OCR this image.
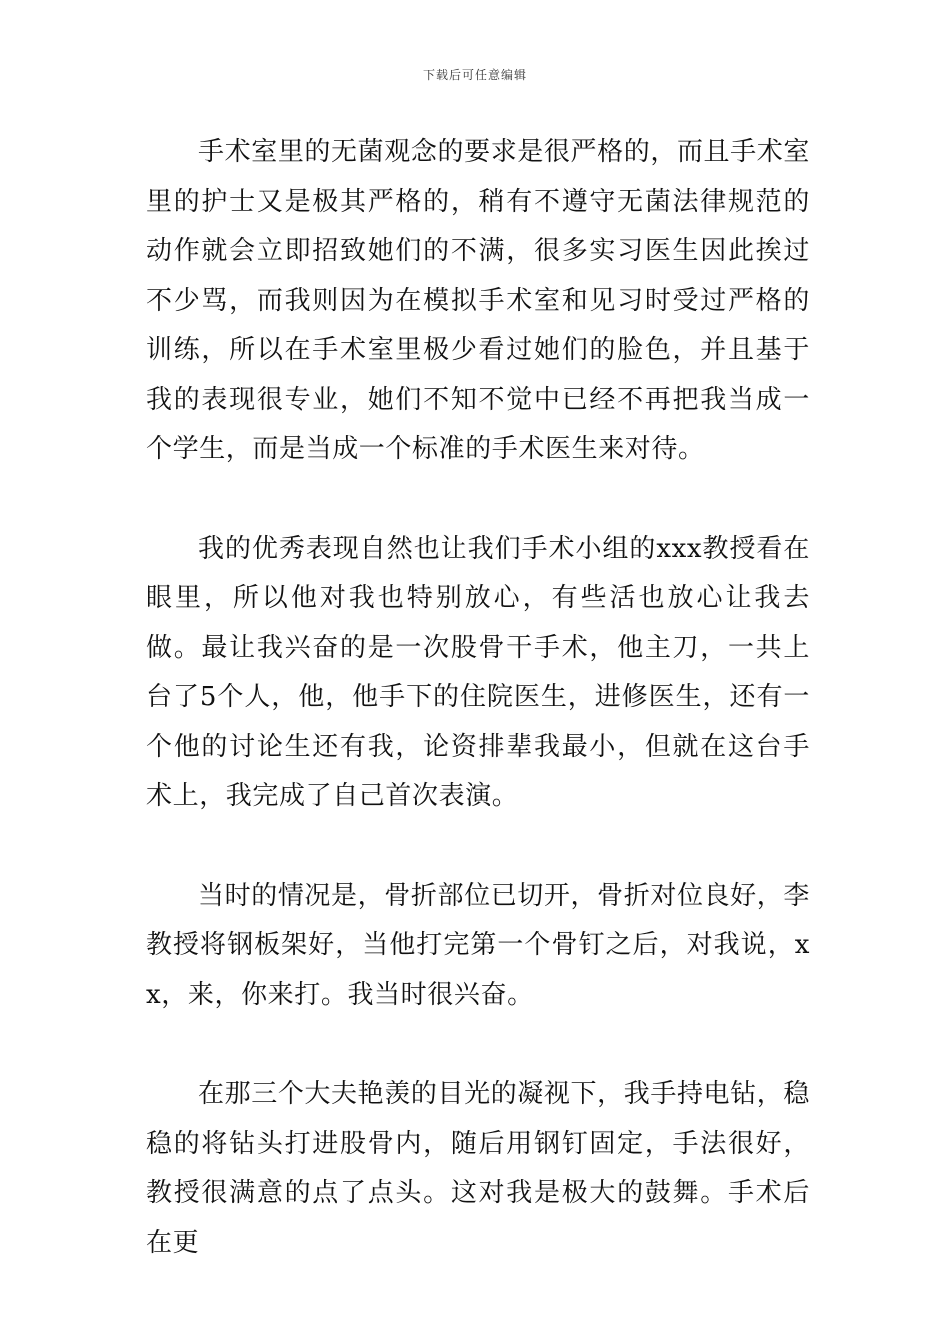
下载后可任意编辑

手术室里的无菌观念的要求是很严格的，而且手术室里的护士又是极其严格的，稍有不遵守无菌法律规范的动作就会立即招致她们的不满，很多实习医生因此挨过不少骂，而我则因为在模拟手术室和见习时受过严格的训练，所以在手术室里极少看过她们的脸色，并且基于我的表现很专业，她们不知不觉中已经不再把我当成一个学生，而是当成一个标准的手术医生来对待。

我的优秀表现自然也让我们手术小组的xxx教授看在眼里，所以他对我也特别放心，有些活也放心让我去做。最让我兴奋的是一次股骨干手术，他主刀，一共上台了5个人，他，他手下的住院医生，进修医生，还有一个他的讨论生还有我，论资排辈我最小，但就在这台手术上，我完成了自己首次表演。

当时的情况是，骨折部位已切开，骨折对位良好，李教授将钢板架好，当他打完第一个骨钉之后，对我说，xx，来，你来打。我当时很兴奋。

在那三个大夫艳羡的目光的凝视下，我手持电钻，稳稳的将钻头打进股骨内，随后用钢钉固定，手法很好，教授很满意的点了点头。这对我是极大的鼓舞。手术后在更
